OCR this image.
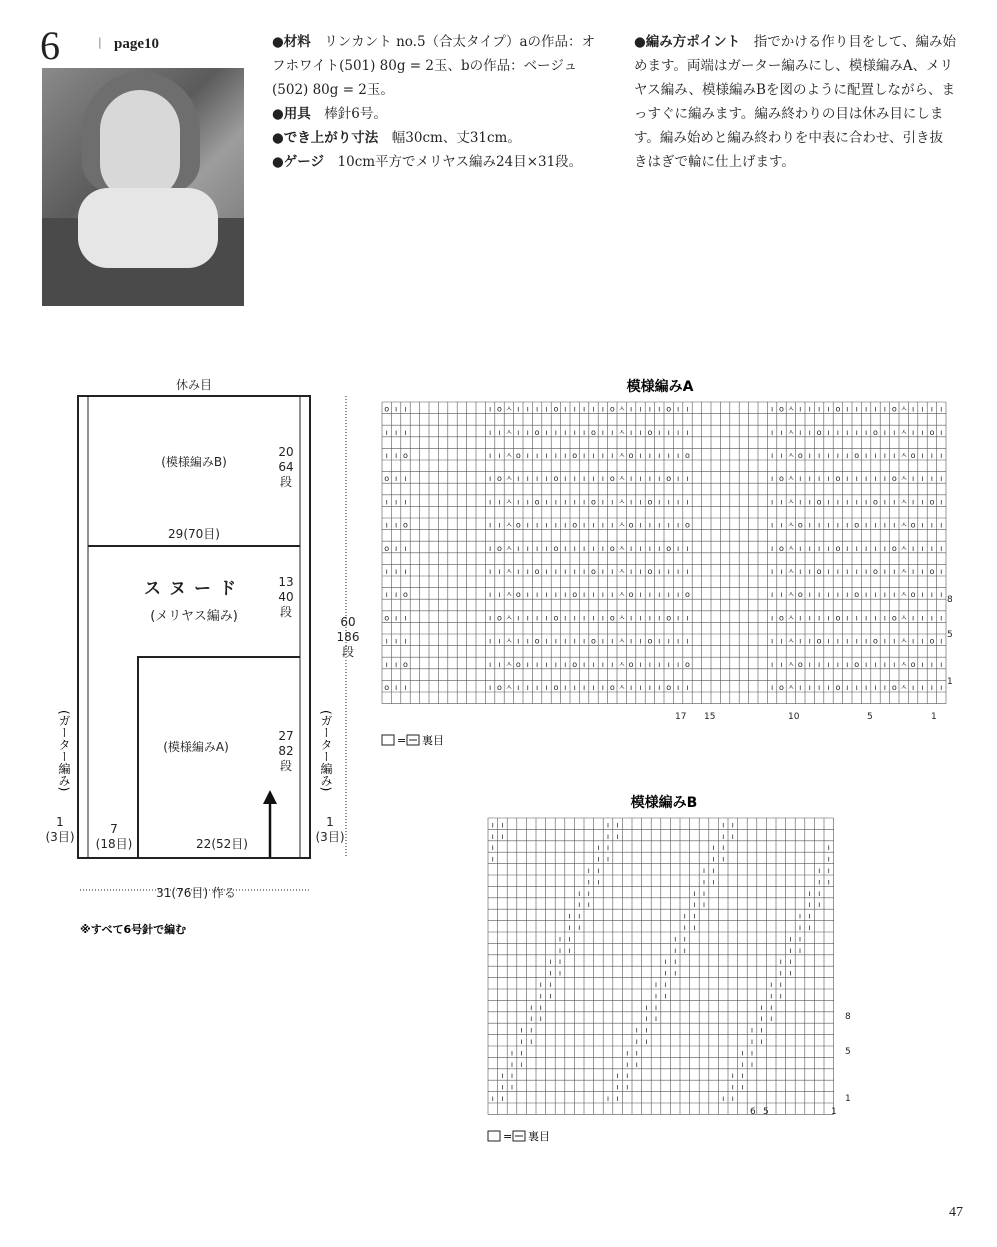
6	| page10	●材料　リンカント no.5（合太タイプ）aの作品：オフホワイト(501) 80g = 2玉、bの作品：ベージュ(502) 80g = 2玉。
●用具　棒針6号。
●でき上がり寸法　幅30cm、丈31cm。
●ゲージ　10cm平方でメリヤス編み24目×31段。
●編み方ポイント　指でかける作り目をして、編み始めます。両端はガーター編みにし、模様編みA、メリヤス編み、模様編みBを図のように配置しながら、まっすぐに編みます。編み終わりの目は休み目にします。編み始めと編み終わりを中表に合わせ、引き抜きはぎで輪に仕上げます。
休み目
(模様編みB)
20
64
段
29(70目)
スヌード
(メリヤス編み)
13
40
段
60
186
段
(模様編みA)
27
82
段
1
(3目)
1
(3目)
7
(18目)	22(52目)
31(76目) 作る
(ガーター編み)	(ガーター編み)
※すべて6号針で編む
模様編みA
o ı ı	ı o ㅅ ı ı ı ı o ı ı ı ı ı o ㅅ ı ı ı ı o ı ı	ı o ㅅ ı ı ı ı o ı ı ı ı ı o ㅅ ı ı ı ı
ı ı ı	ı ı ㅅ ı ı o ı ı ı ı ı o ı ı ㅅ ı ı o ı ı ı ı	ı ı ㅅ ı ı o ı ı ı ı ı o ı ı ㅅ ı ı o ı
ı ı o	ı ı ㅅ o ı ı ı ı ı o ı ı ı ı ㅅ o ı ı ı ı ı o	ı ı ㅅ o ı ı ı ı ı o ı ı ı ı ㅅ o ı ı ı
o ı ı	ı o ㅅ ı ı ı ı o ı ı ı ı ı o ㅅ ı ı ı ı o ı ı	ı o ㅅ ı ı ı ı o ı ı ı ı ı o ㅅ ı ı ı ı
ı ı ı	ı ı ㅅ ı ı o ı ı ı ı ı o ı ı ㅅ ı ı o ı ı ı ı	ı ı ㅅ ı ı o ı ı ı ı ı o ı ı ㅅ ı ı o ı
ı ı o	ı ı ㅅ o ı ı ı ı ı o ı ı ı ı ㅅ o ı ı ı ı ı o	ı ı ㅅ o ı ı ı ı ı o ı ı ı ı ㅅ o ı ı ı
o ı ı	ı o ㅅ ı ı ı ı o ı ı ı ı ı o ㅅ ı ı ı ı o ı ı	ı o ㅅ ı ı ı ı o ı ı ı ı ı o ㅅ ı ı ı ı
ı ı ı	ı ı ㅅ ı ı o ı ı ı ı ı o ı ı ㅅ ı ı o ı ı ı ı	ı ı ㅅ ı ı o ı ı ı ı ı o ı ı ㅅ ı ı o ı
ı ı o	ı ı ㅅ o ı ı ı ı ı o ı ı ı ı ㅅ o ı ı ı ı ı o	ı ı ㅅ o ı ı ı ı ı o ı ı ı ı ㅅ o ı ı ı
o ı ı	ı o ㅅ ı ı ı ı o ı ı ı ı ı o ㅅ ı ı ı ı o ı ı	ı o ㅅ ı ı ı ı o ı ı ı ı ı o ㅅ ı ı ı ı
ı ı ı	ı ı ㅅ ı ı o ı ı ı ı ı o ı ı ㅅ ı ı o ı ı ı ı	ı ı ㅅ ı ı o ı ı ı ı ı o ı ı ㅅ ı ı o ı
ı ı o	ı ı ㅅ o ı ı ı ı ı o ı ı ı ı ㅅ o ı ı ı ı ı o	ı ı ㅅ o ı ı ı ı ı o ı ı ı ı ㅅ o ı ı ı
o ı ı	ı o ㅅ ı ı ı ı o ı ı ı ı ı o ㅅ ı ı ı ı o ı ı	ı o ㅅ ı ı ı ı o ı ı ı ı ı o ㅅ ı ı ı ı
17 15	10	5	1
8
5
1
= 裏目
模様編みB
ı ı	ı ı	ı ı
ı ı	ı ı	ı ı
ı	ı ı	ı ı	ı
ı	ı ı	ı ı	ı
ı ı	ı ı	ı ı
ı ı	ı ı	ı ı
ı ı	ı ı	ı ı
ı ı	ı ı	ı ı
ı ı	ı ı	ı ı
ı ı	ı ı	ı ı
ı ı	ı ı	ı ı
ı ı	ı ı	ı ı
ı ı	ı ı	ı ı
ı ı	ı ı	ı ı
ı ı	ı ı	ı ı
ı ı	ı ı	ı ı
ı ı	ı ı	ı ı
ı ı	ı ı	ı ı
ı ı	ı ı	ı ı
ı ı	ı ı	ı ı
ı ı	ı ı	ı ı
ı ı	ı ı	ı ı
ı ı	ı ı	ı ı
ı ı	ı ı	ı ı
ı ı	ı ı	ı ı
6 5	1
8
5
1
= 裏目
47
